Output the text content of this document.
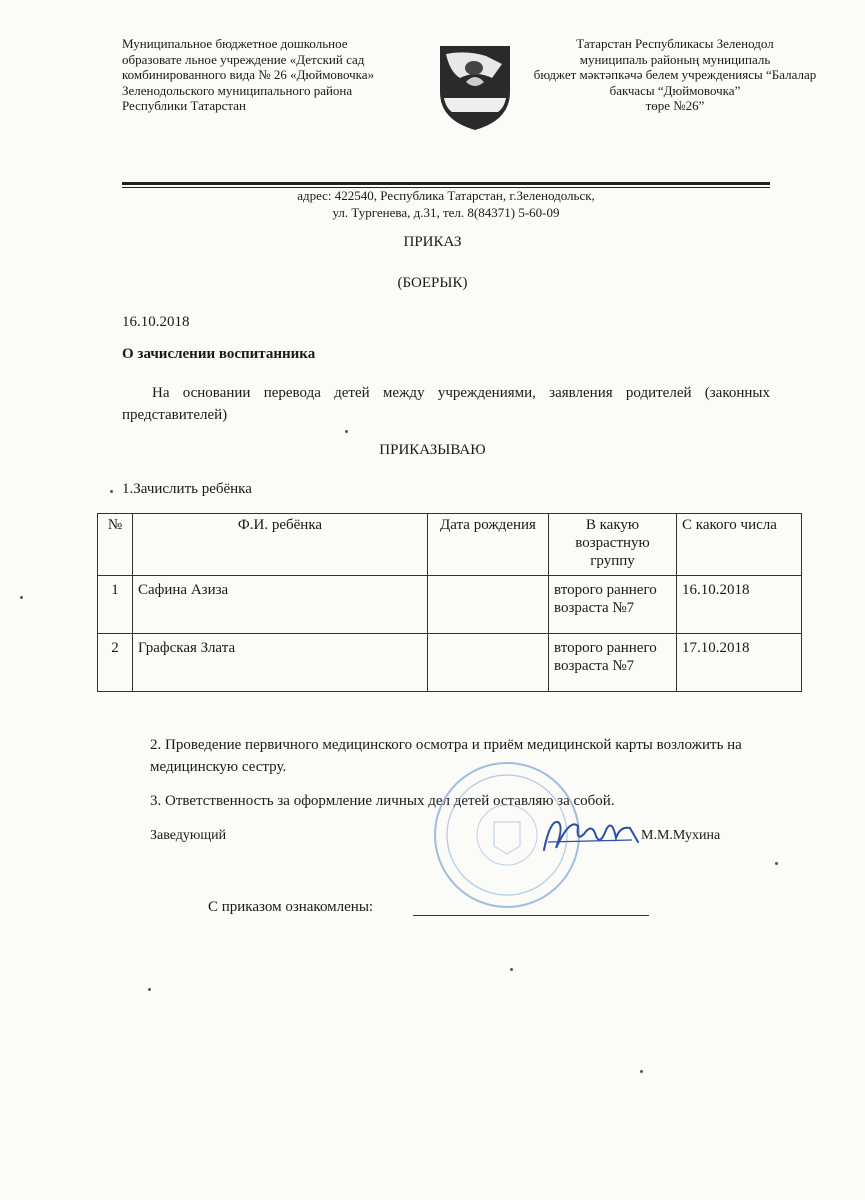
Муниципальное бюджетное дошкольное
образовате льное учреждение «Детский сад
комбинированного вида № 26 «Дюймовочка»
Зеленодольского муниципального района
Республики Татарстан
Татарстан Республикасы Зеленодол
муниципаль районың муниципаль
бюджет мәктәпкәчә белем учреждениясы “Балалар
бакчасы “Дюймовочка”
төре №26”
адрес: 422540, Республика Татарстан, г.Зеленодольск,
ул. Тургенева, д.31, тел. 8(84371) 5-60-09
ПРИКАЗ
(БОЕРЫК)
16.10.2018
О зачислении воспитанника
На основании перевода детей между учреждениями, заявления родителей (законных представителей)
ПРИКАЗЫВАЮ
1.Зачислить ребёнка
№	Ф.И. ребёнка	Дата рождения	В какую возрастную группу	С какого числа
1	Сафина Азиза		второго раннего возраста №7	16.10.2018
2	Графская Злата		второго раннего возраста №7	17.10.2018
2. Проведение первичного медицинского осмотра и приём медицинской карты возложить на медицинскую сестру.
3. Ответственность за оформление личных дел детей оставляю за собой.
Заведующий	М.М.Мухина
С приказом ознакомлены:
